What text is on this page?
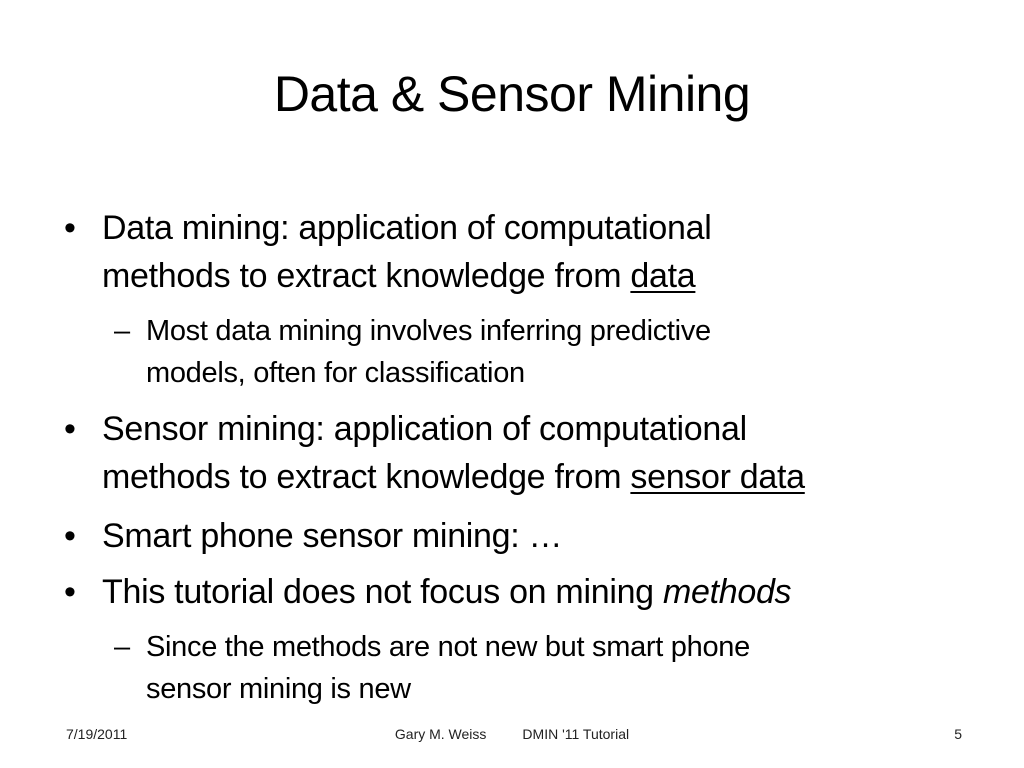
Data & Sensor Mining
• Data mining: application of computational
methods to extract knowledge from data
– Most data mining involves inferring predictive
models, often for classification
• Sensor mining: application of computational
methods to extract knowledge from sensor data
• Smart phone sensor mining: …
• This tutorial does not focus on mining methods
– Since the methods are not new but smart phone
sensor mining is new
7/19/2011	Gary M. Weiss	DMIN '11 Tutorial	5
